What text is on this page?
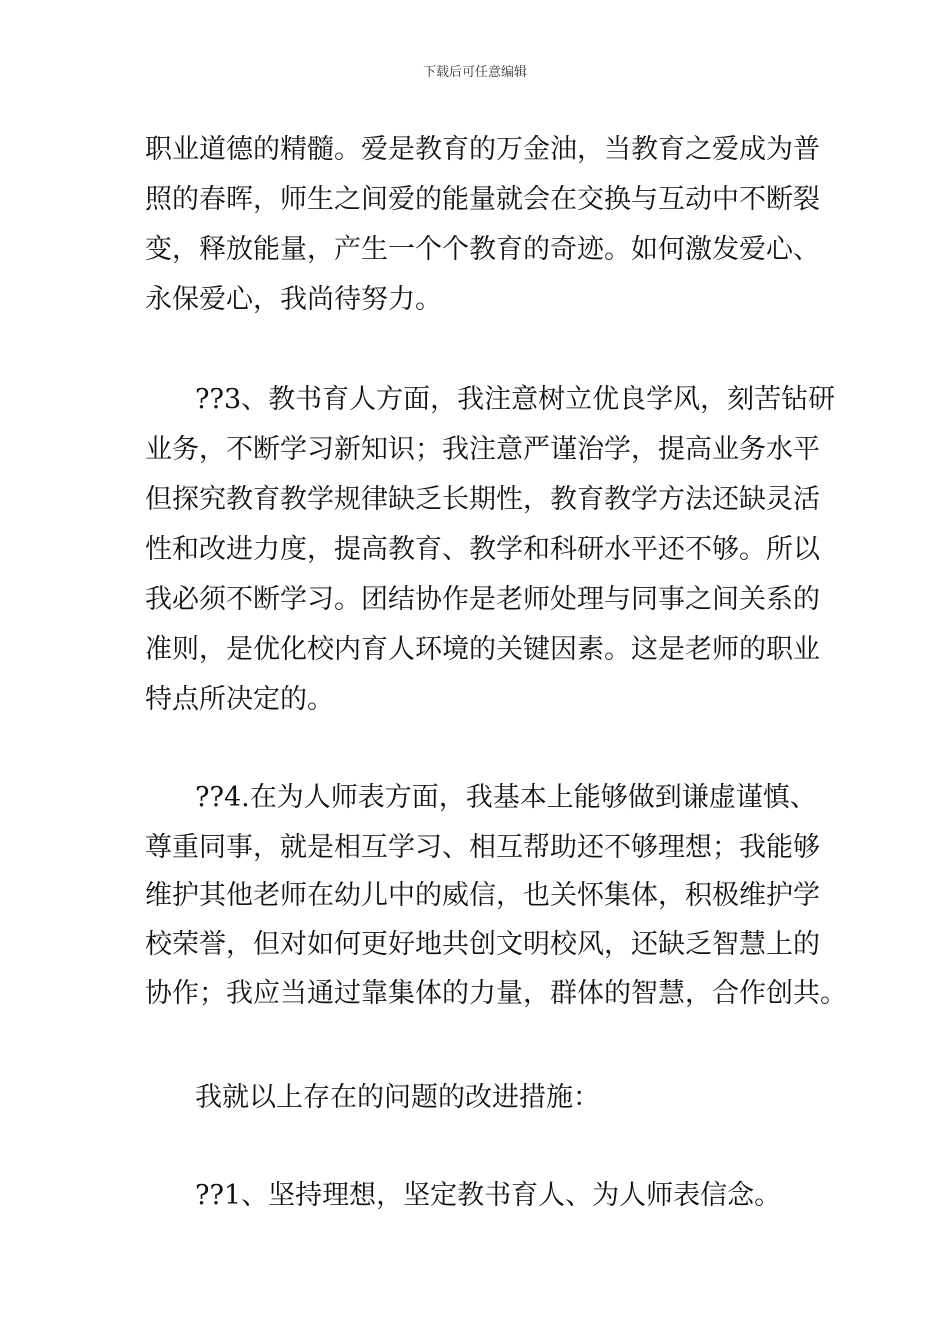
下载后可任意编辑
职业道德的精髓。爱是教育的万金油，当教育之爱成为普
照的春晖，师生之间爱的能量就会在交换与互动中不断裂
变，释放能量，产生一个个教育的奇迹。如何激发爱心、
永保爱心，我尚待努力。
??3、教书育人方面，我注意树立优良学风，刻苦钻研
业务，不断学习新知识；我注意严谨治学，提高业务水平
但探究教育教学规律缺乏长期性，教育教学方法还缺灵活
性和改进力度，提高教育、教学和科研水平还不够。所以
我必须不断学习。团结协作是老师处理与同事之间关系的
准则，是优化校内育人环境的关键因素。这是老师的职业
特点所决定的。
??4.在为人师表方面，我基本上能够做到谦虚谨慎、
尊重同事，就是相互学习、相互帮助还不够理想；我能够
维护其他老师在幼儿中的威信，也关怀集体，积极维护学
校荣誉，但对如何更好地共创文明校风，还缺乏智慧上的
协作；我应当通过靠集体的力量，群体的智慧，合作创共。
我就以上存在的问题的改进措施：
??1、坚持理想，坚定教书育人、为人师表信念。
